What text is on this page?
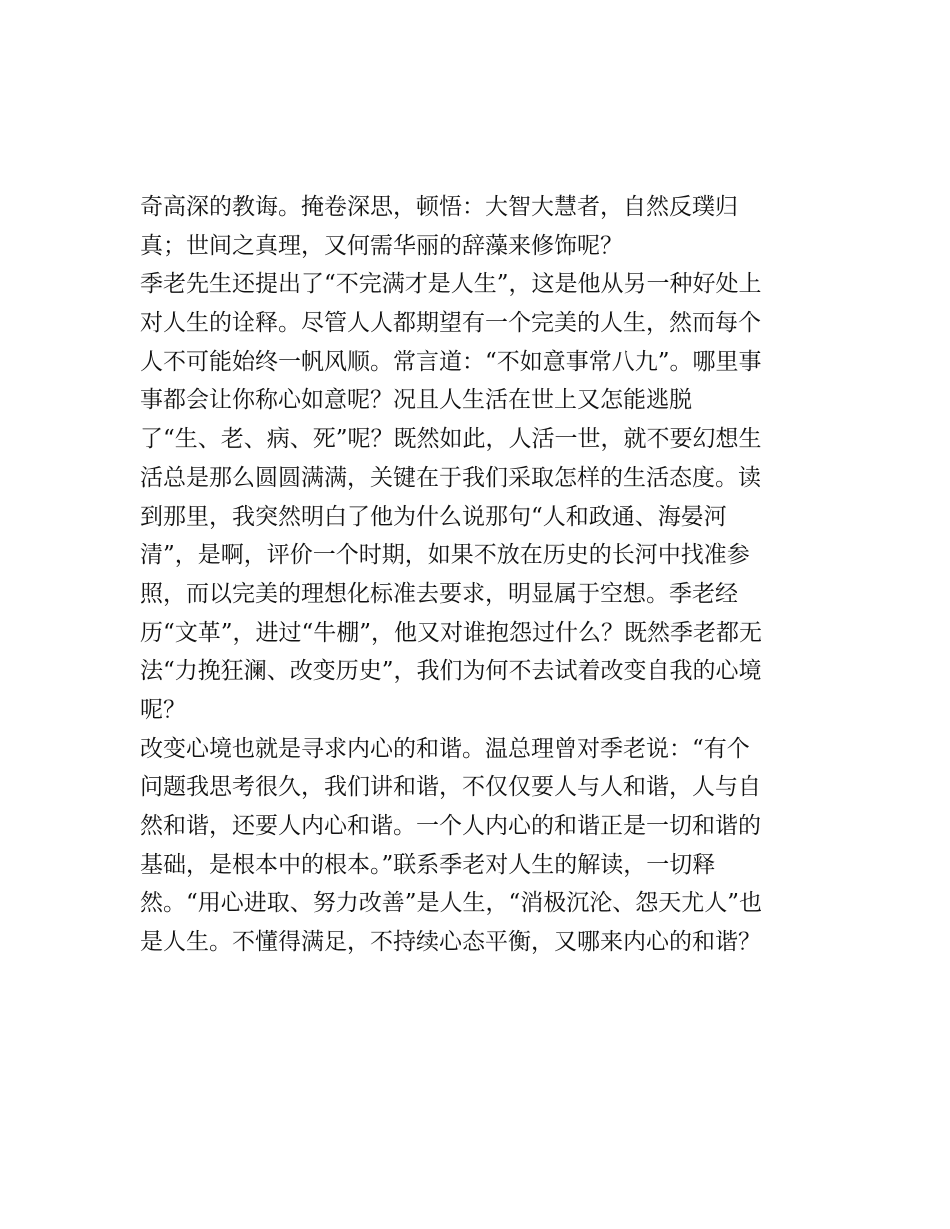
奇高深的教诲。掩卷深思，顿悟：大智大慧者，自然反璞归
真；世间之真理，又何需华丽的辞藻来修饰呢？
季老先生还提出了“不完满才是人生”，这是他从另一种好处上
对人生的诠释。尽管人人都期望有一个完美的人生，然而每个
人不可能始终一帆风顺。常言道：“不如意事常八九”。哪里事
事都会让你称心如意呢？况且人生活在世上又怎能逃脱
了“生、老、病、死”呢？既然如此，人活一世，就不要幻想生
活总是那么圆圆满满，关键在于我们采取怎样的生活态度。读
到那里，我突然明白了他为什么说那句“人和政通、海晏河
清”，是啊，评价一个时期，如果不放在历史的长河中找准参
照，而以完美的理想化标准去要求，明显属于空想。季老经
历“文革”，进过“牛棚”，他又对谁抱怨过什么？既然季老都无
法“力挽狂澜、改变历史”，我们为何不去试着改变自我的心境
呢？
改变心境也就是寻求内心的和谐。温总理曾对季老说：“有个
问题我思考很久，我们讲和谐，不仅仅要人与人和谐，人与自
然和谐，还要人内心和谐。一个人内心的和谐正是一切和谐的
基础，是根本中的根本。”联系季老对人生的解读，一切释
然。“用心进取、努力改善”是人生，“消极沉沦、怨天尤人”也
是人生。不懂得满足，不持续心态平衡，又哪来内心的和谐？
